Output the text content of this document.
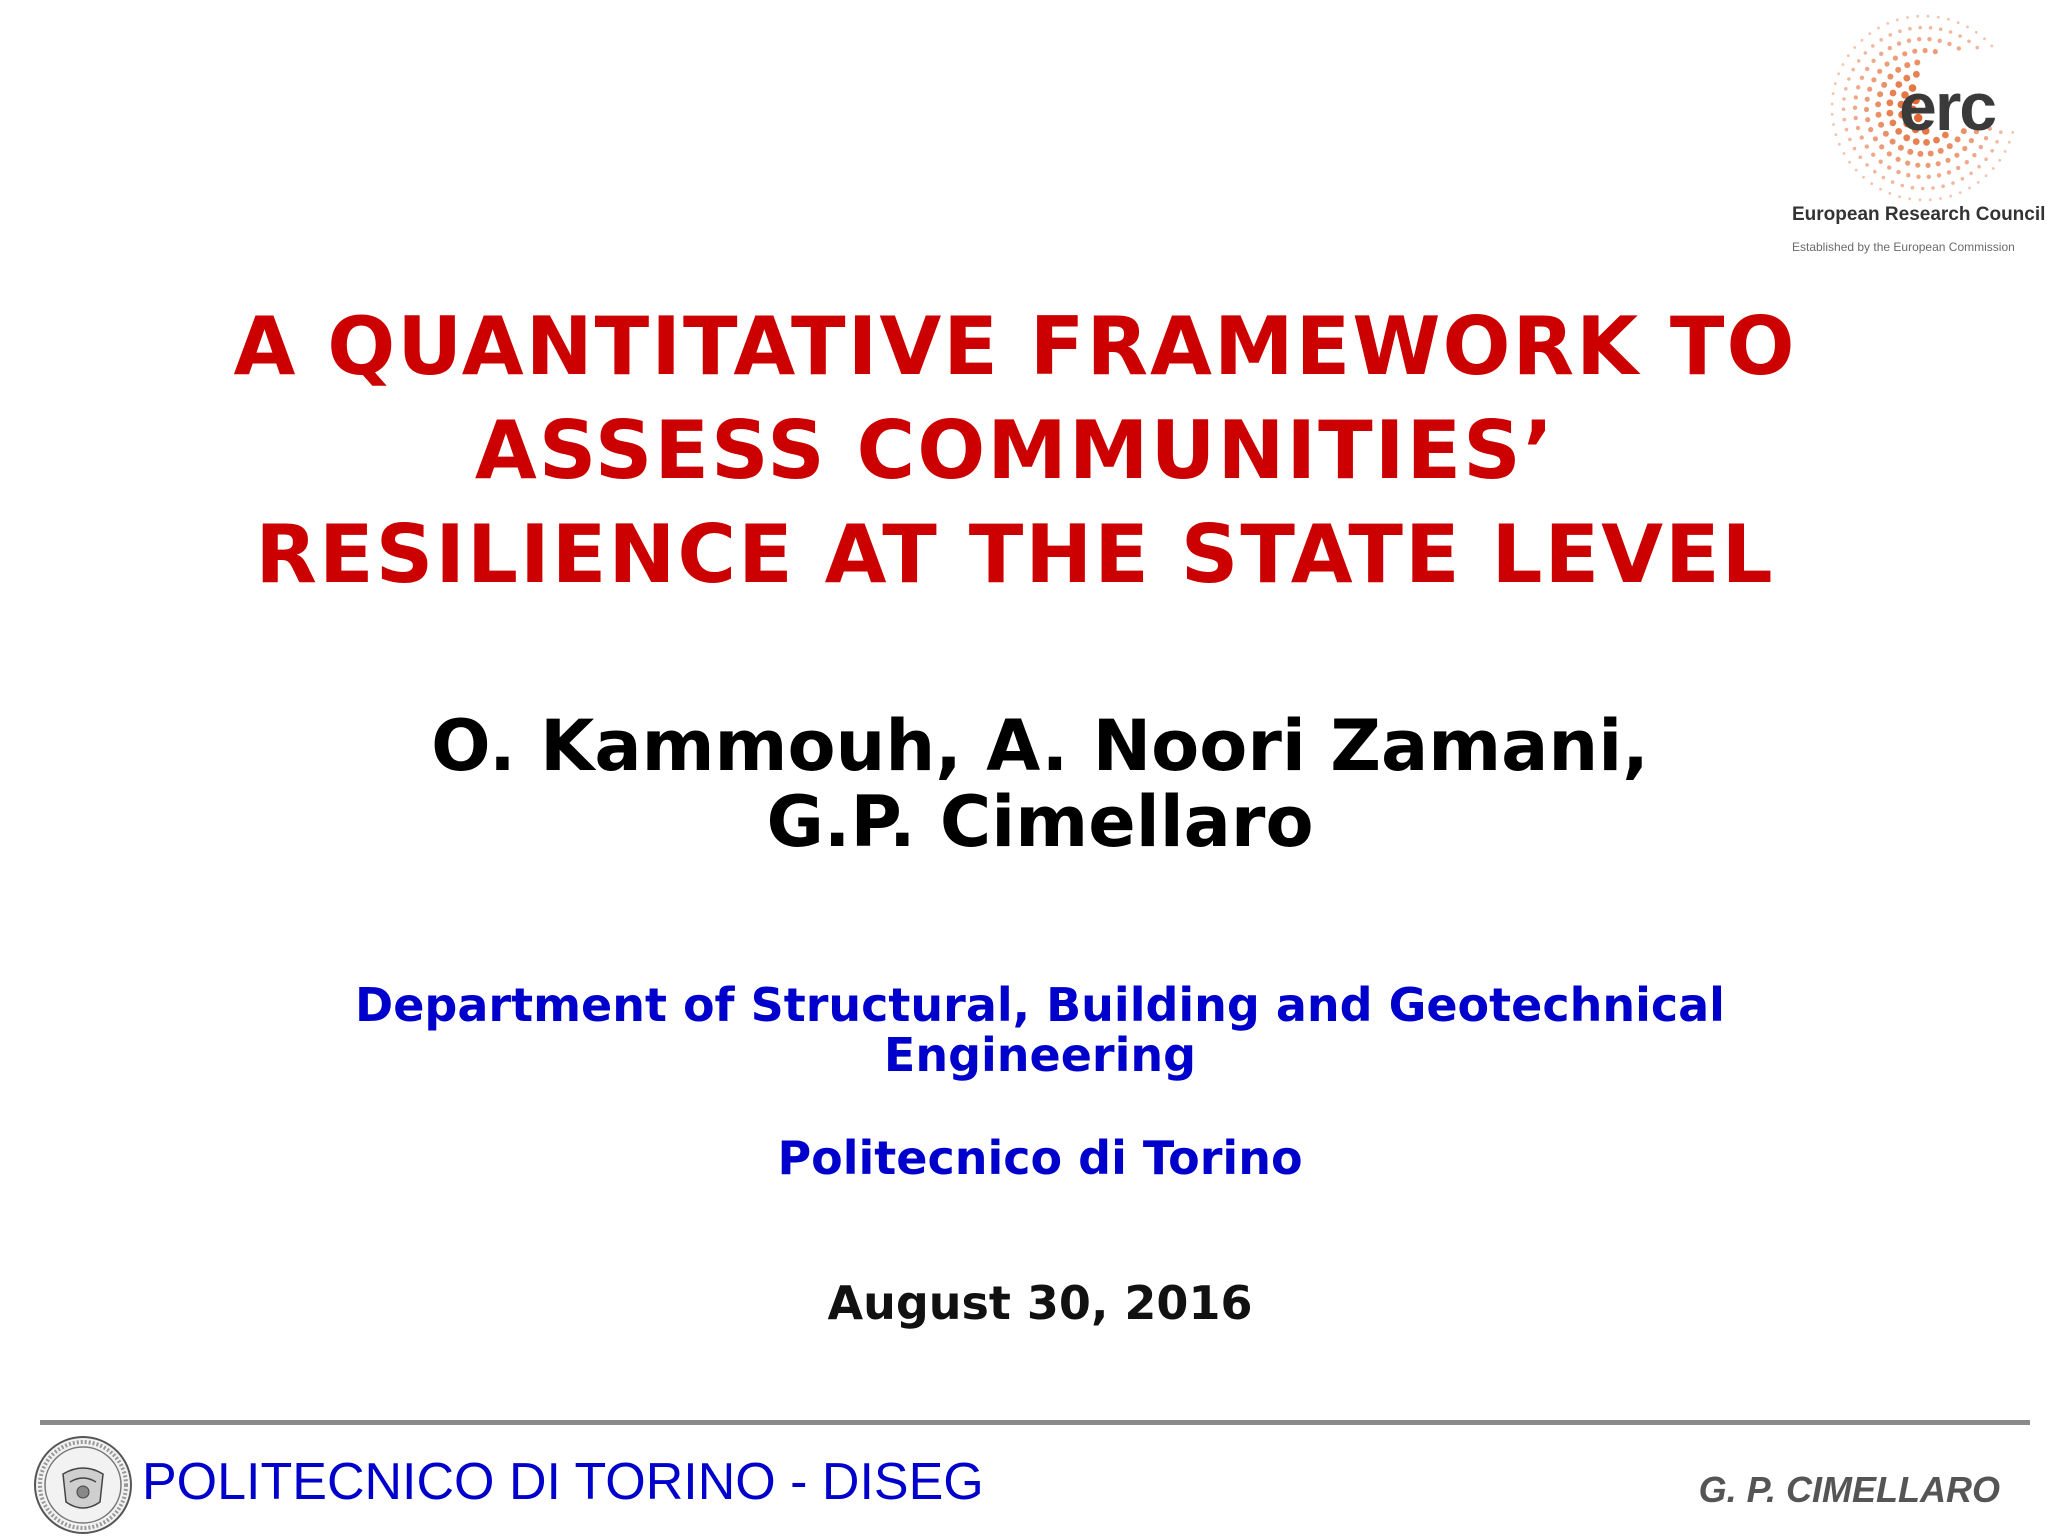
erc
European Research Council
Established by the European Commission
A QUANTITATIVE FRAMEWORK TO
ASSESS COMMUNITIES’
RESILIENCE AT THE STATE LEVEL
O. Kammouh, A. Noori Zamani,
G.P. Cimellaro
Department of Structural, Building and Geotechnical
Engineering
Politecnico di Torino
August 30, 2016
POLITECNICO DI TORINO - DISEG	G. P. CIMELLARO
